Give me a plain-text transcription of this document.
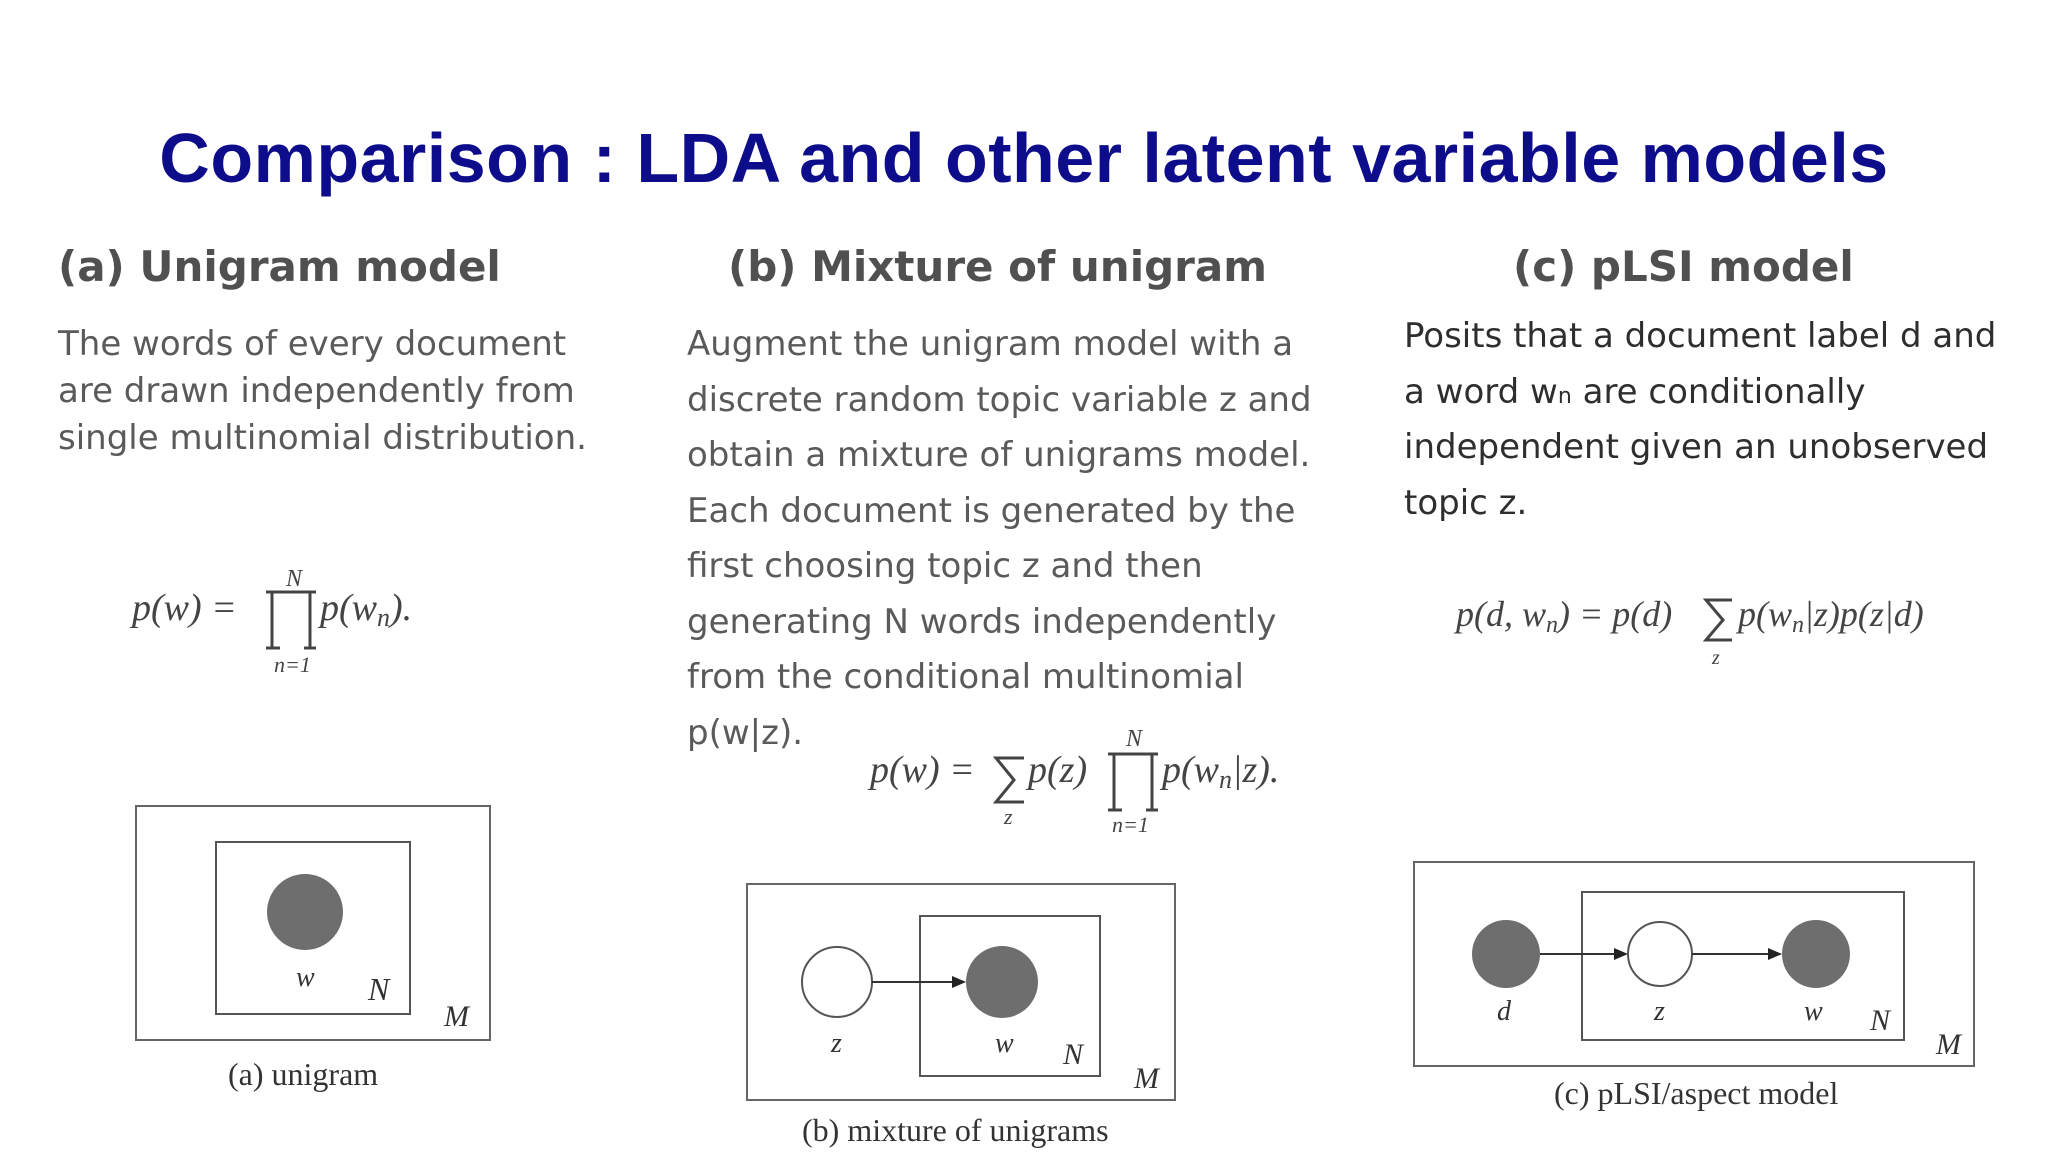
Comparison : LDA and other latent variable models
(a) Unigram model	(b) Mixture of unigram	(c) pLSI model
The words of every document
are drawn independently from
single multinomial distribution.
Augment the unigram model with a
discrete random topic variable z and
obtain a mixture of unigrams model.
Each document is generated by the
first choosing topic z and then
generating N words independently
from the conditional multinomial
p(w|z).
Posits that a document label d and
a word wn are conditionally
independent given an unobserved
topic z.
p(w) =
N
n=1
p(wn).
p(w) =
z
p(z)
N
n=1
p(wn|z).
p(d, wn) = p(d)
z
p(wn|z)p(z|d)
w N
M
(a) unigram
z	w N
M
(b) mixture of unigrams
d	z	w N
M
(c) pLSI/aspect model
